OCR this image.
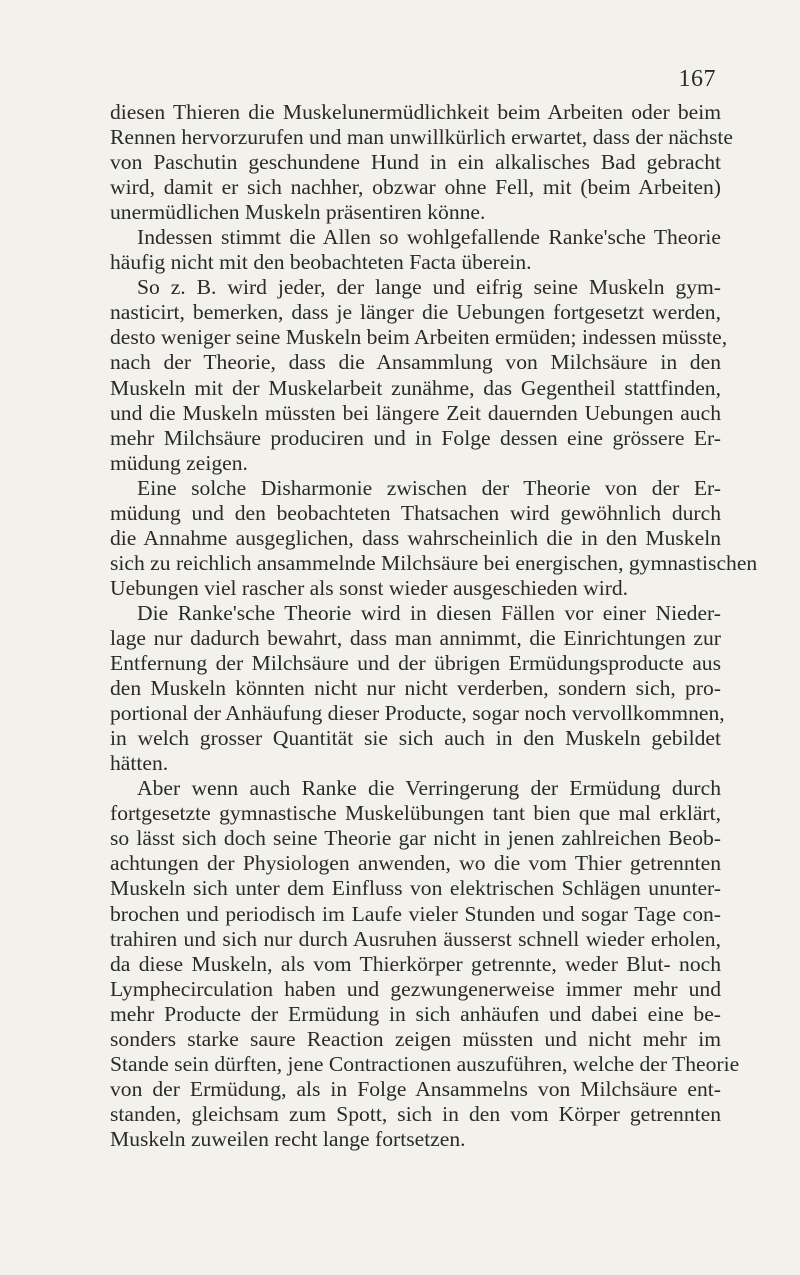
167
diesen Thieren die Muskelunermüdlichkeit beim Arbeiten oder beim
Rennen hervorzurufen und man unwillkürlich erwartet, dass der nächste
von Paschutin geschundene Hund in ein alkalisches Bad gebracht
wird, damit er sich nachher, obzwar ohne Fell, mit (beim Arbeiten)
unermüdlichen Muskeln präsentiren könne.
Indessen stimmt die Allen so wohlgefallende Ranke'sche Theorie
häufig nicht mit den beobachteten Facta überein.
So z. B. wird jeder, der lange und eifrig seine Muskeln gym-
nasticirt, bemerken, dass je länger die Uebungen fortgesetzt werden,
desto weniger seine Muskeln beim Arbeiten ermüden; indessen müsste,
nach der Theorie, dass die Ansammlung von Milchsäure in den
Muskeln mit der Muskelarbeit zunähme, das Gegentheil stattfinden,
und die Muskeln müssten bei längere Zeit dauernden Uebungen auch
mehr Milchsäure produciren und in Folge dessen eine grössere Er-
müdung zeigen.
Eine solche Disharmonie zwischen der Theorie von der Er-
müdung und den beobachteten Thatsachen wird gewöhnlich durch
die Annahme ausgeglichen, dass wahrscheinlich die in den Muskeln
sich zu reichlich ansammelnde Milchsäure bei energischen, gymnastischen
Uebungen viel rascher als sonst wieder ausgeschieden wird.
Die Ranke'sche Theorie wird in diesen Fällen vor einer Nieder-
lage nur dadurch bewahrt, dass man annimmt, die Einrichtungen zur
Entfernung der Milchsäure und der übrigen Ermüdungsproducte aus
den Muskeln könnten nicht nur nicht verderben, sondern sich, pro-
portional der Anhäufung dieser Producte, sogar noch vervollkommnen,
in welch grosser Quantität sie sich auch in den Muskeln gebildet
hätten.
Aber wenn auch Ranke die Verringerung der Ermüdung durch
fortgesetzte gymnastische Muskelübungen tant bien que mal erklärt,
so lässt sich doch seine Theorie gar nicht in jenen zahlreichen Beob-
achtungen der Physiologen anwenden, wo die vom Thier getrennten
Muskeln sich unter dem Einfluss von elektrischen Schlägen ununter-
brochen und periodisch im Laufe vieler Stunden und sogar Tage con-
trahiren und sich nur durch Ausruhen äusserst schnell wieder erholen,
da diese Muskeln, als vom Thierkörper getrennte, weder Blut- noch
Lymphecirculation haben und gezwungenerweise immer mehr und
mehr Producte der Ermüdung in sich anhäufen und dabei eine be-
sonders starke saure Reaction zeigen müssten und nicht mehr im
Stande sein dürften, jene Contractionen auszuführen, welche der Theorie
von der Ermüdung, als in Folge Ansammelns von Milchsäure ent-
standen, gleichsam zum Spott, sich in den vom Körper getrennten
Muskeln zuweilen recht lange fortsetzen.
